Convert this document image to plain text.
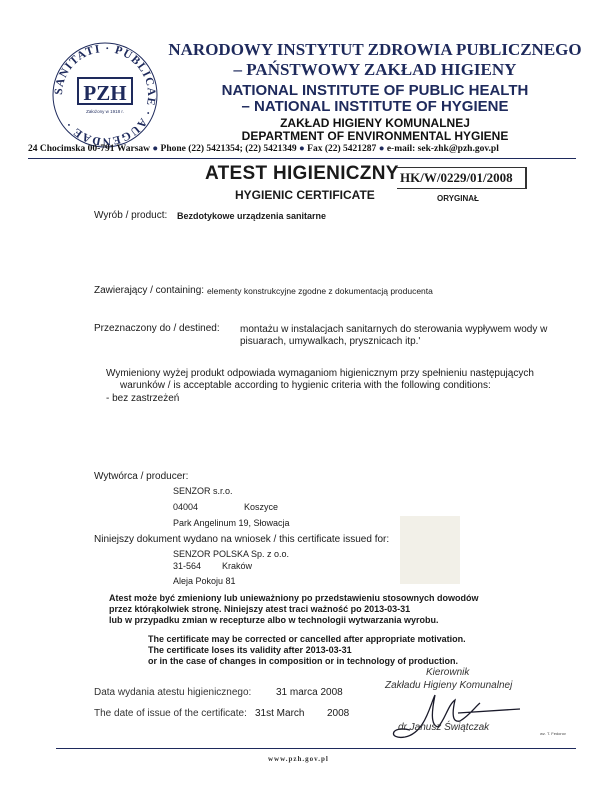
SANITATI · PUBLICAE · AUGENDAE ·
PZH
Założony w 1918 r.
NARODOWY INSTYTUT ZDROWIA PUBLICZNEGO
– PAŃSTWOWY ZAKŁAD HIGIENY
NATIONAL INSTITUTE OF PUBLIC HEALTH
– NATIONAL INSTITUTE OF HYGIENE
ZAKŁAD HIGIENY KOMUNALNEJ
DEPARTMENT OF ENVIRONMENTAL HYGIENE
24 Chocimska 00-791 Warsaw ● Phone (22) 5421354; (22) 5421349 ● Fax (22) 5421287 ● e-mail: sek-zhk@pzh.gov.pl
ATEST HIGIENICZNY
HYGIENIC CERTIFICATE
HK/W/0229/01/2008
ORYGINAŁ
Wyrób / product: Bezdotykowe urządzenia sanitarne
Zawierający / containing: elementy konstrukcyjne zgodne z dokumentacją producenta
Przeznaczony do / destined: montażu w instalacjach sanitarnych do sterowania wypływem wody w
pisuarach, umywalkach, prysznicach itp.'
Wymieniony wyżej produkt odpowiada wymaganiom higienicznym przy spełnieniu następujących
warunków / is acceptable according to hygienic criteria with the following conditions:
- bez zastrzeżeń
Wytwórca / producer:
SENZOR s.r.o.
04004	Koszyce
Park Angelinum 19, Słowacja
Niniejszy dokument wydano na wniosek / this certificate issued for:
SENZOR POLSKA Sp. z o.o.
31-564 Kraków
Aleja Pokoju 81
Atest może być zmieniony lub unieważniony po przedstawieniu stosownych dowodów
przez którąkolwiek stronę. Niniejszy atest traci ważność po 2013-03-31
lub w przypadku zmian w recepturze albo w technologii wytwarzania wyrobu.
The certificate may be corrected or cancelled after appropriate motivation.
The certificate loses its validity after 2013-03-31
or in the case of changes in composition or in technology of production.
Data wydania atestu higienicznego: 31 marca 2008
The date of issue of the certificate: 31st March 2008
Kierownik
Zakładu Higieny Komunalnej
dr Janusz Świątczak
wz. T. Fedorov
www.pzh.gov.pl
